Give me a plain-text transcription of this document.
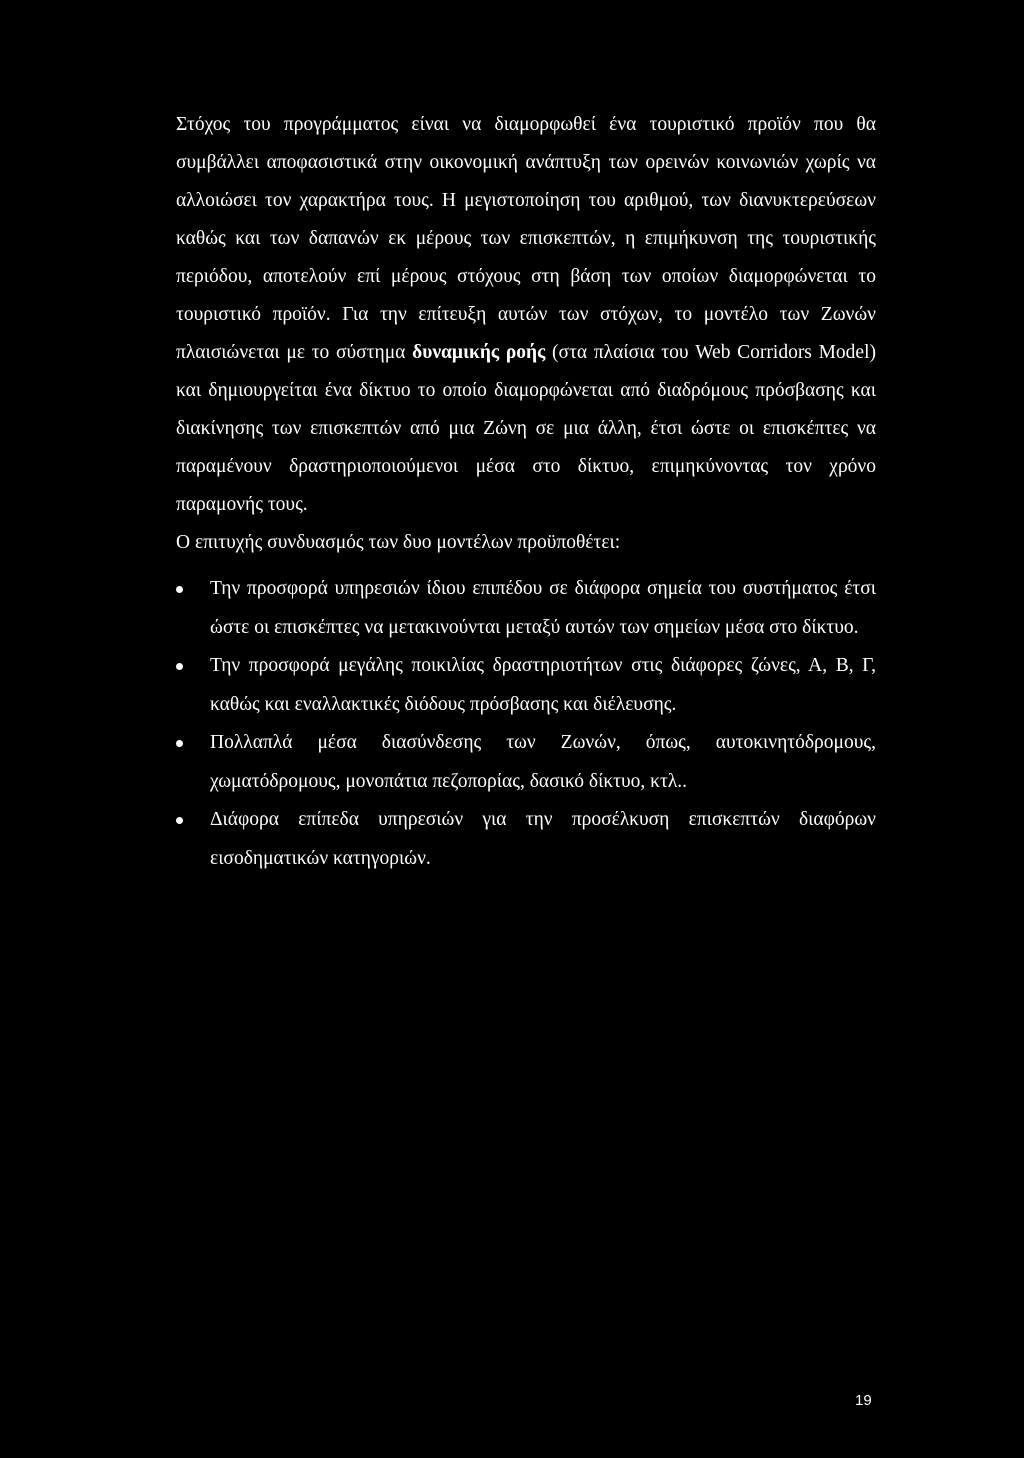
Στόχος του προγράμματος είναι να διαμορφωθεί ένα τουριστικό προϊόν που θα συμβάλλει αποφασιστικά στην οικονομική ανάπτυξη των ορεινών κοινωνιών χωρίς να αλλοιώσει τον χαρακτήρα τους. Η μεγιστοποίηση του αριθμού, των διανυκτερεύσεων καθώς και των δαπανών εκ μέρους των επισκεπτών, η επιμήκυνση της τουριστικής περιόδου, αποτελούν επί μέρους στόχους στη βάση των οποίων διαμορφώνεται το τουριστικό προϊόν. Για την επίτευξη αυτών των στόχων, το μοντέλο των Ζωνών πλαισιώνεται με το σύστημα δυναμικής ροής (στα πλαίσια του Web Corridors Model) και δημιουργείται ένα δίκτυο το οποίο διαμορφώνεται από διαδρόμους πρόσβασης και διακίνησης των επισκεπτών από μια Ζώνη σε μια άλλη, έτσι ώστε οι επισκέπτες να παραμένουν δραστηριοποιούμενοι μέσα στο δίκτυο, επιμηκύνοντας τον χρόνο παραμονής τους.

Ο επιτυχής συνδυασμός των δυο μοντέλων προϋποθέτει:

Την προσφορά υπηρεσιών ίδιου επιπέδου σε διάφορα σημεία του συστήματος έτσι ώστε οι επισκέπτες να μετακινούνται μεταξύ αυτών των σημείων μέσα στο δίκτυο.
Την προσφορά μεγάλης ποικιλίας δραστηριοτήτων στις διάφορες ζώνες, Α, Β, Γ, καθώς και εναλλακτικές διόδους πρόσβασης και διέλευσης.
Πολλαπλά μέσα διασύνδεσης των Ζωνών, όπως, αυτοκινητόδρομους, χωματόδρομους, μονοπάτια πεζοπορίας, δασικό δίκτυο, κτλ..
Διάφορα επίπεδα υπηρεσιών για την προσέλκυση επισκεπτών διαφόρων εισοδηματικών κατηγοριών.
19
